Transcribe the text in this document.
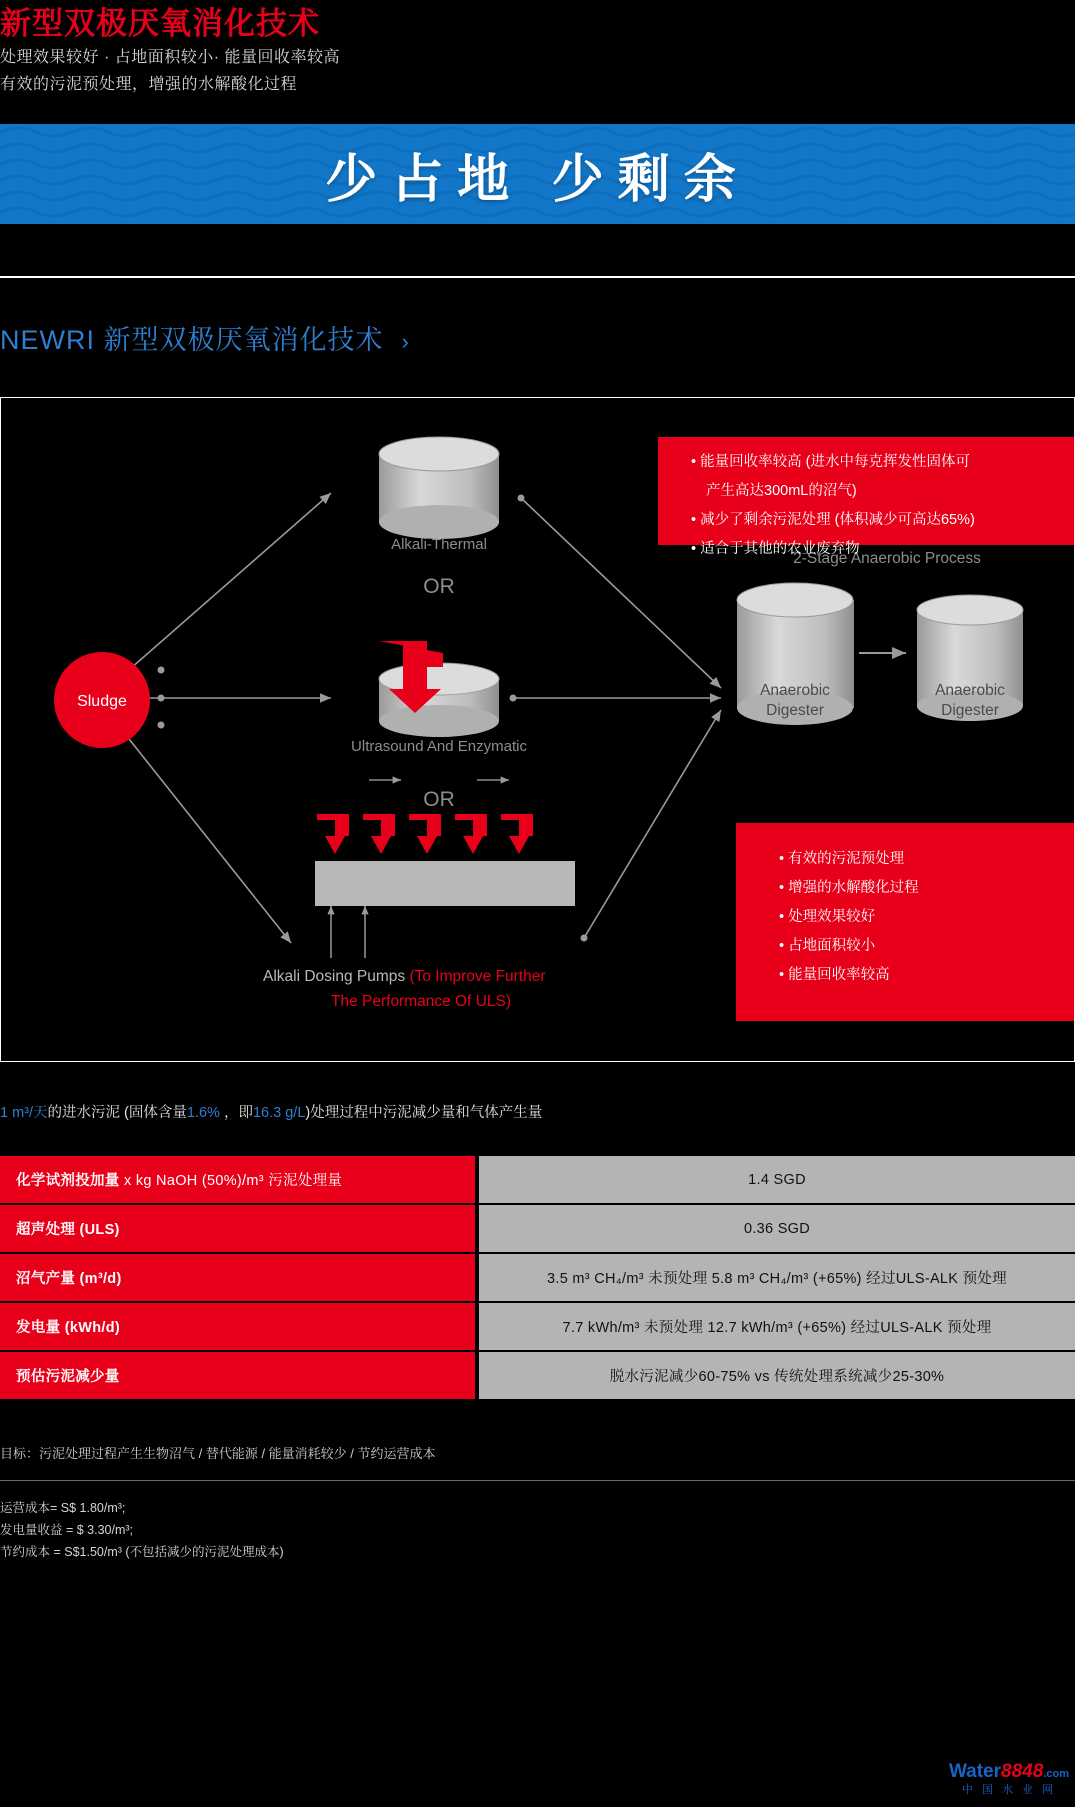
新型双极厌氧消化技术
处理效果较好 · 占地面积较小· 能量回收率较高
有效的污泥预处理，增强的水解酸化过程
少占地 少剩余
NEWRI 新型双极厌氧消化技术 ›
Sludge
Alkali-Thermal
OR
Ultrasound And Enzymatic
OR
2-Stage Anaerobic Process
Anaerobic
Digester
Anaerobic
Digester
• 能量回收率较高 (进水中每克挥发性固体可产生高达300mL的沼气) • 减少了剩余污泥处理 (体积减少可高达65%) • 适合于其他的农业废弃物
• 有效的污泥预处理• 增强的水解酸化过程• 处理效果较好• 占地面积较小• 能量回收率较高
Alkali Dosing Pumps (To Improve Further
The Performance Of ULS)
1 m³/天的进水污泥 (固体含量1.6% ，即16.3 g/L)处理过程中污泥减少量和气体产生量
化学试剂投加量 x kg NaOH (50%)/m³ 污泥处理量		1.4 SGD
超声处理 (ULS)		0.36 SGD
沼气产量 (m³/d)		3.5 m³ CH₄/m³ 未预处理 5.8 m³ CH₄/m³ (+65%) 经过ULS-ALK 预处理
发电量 (kWh/d)		7.7 kWh/m³ 未预处理 12.7 kWh/m³ (+65%) 经过ULS-ALK 预处理
预估污泥减少量		脱水污泥减少60-75% vs 传统处理系统减少25-30%
目标：污泥处理过程产生生物沼气 / 替代能源 / 能量消耗较少 / 节约运营成本
运营成本= S$ 1.80/m³;
发电量收益 = $ 3.30/m³;
节约成本 = S$1.50/m³ (不包括减少的污泥处理成本)
Water8848.com
中 国 水 业 网
